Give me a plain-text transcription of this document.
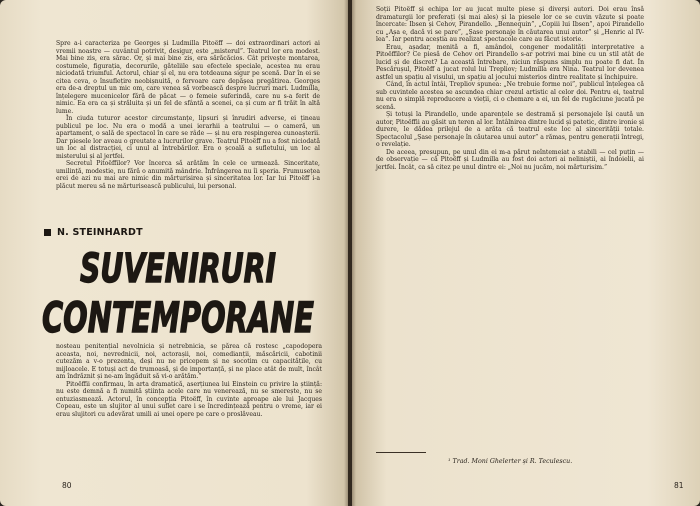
Spre a-i caracteriza pe Georges și Ludmilla Pitoëff — doi extraordinari actori ai vremii noastre — cuvântul potrivit, desigur, este „misterul”. Teatrul lor era modest. Mai bine zis, era sărac. Or, și mai bine zis, era sărăcăcios. Cât privește montarea, costumele, figurația, decorurile, găteliile sau efectele speciale, acestea nu erau niciodată triumful. Actorul, chiar și el, nu era totdeauna sigur pe scenă. Dar în ei se citea ceva, o însuflețire neobișnuită, o fervoare care depășea pregătirea. Georges era de-a dreptul un mic om, care venea să vorbească despre lucruri mari. Ludmilla, înțelegere mucenicelor fără de păcat — o femeie suferindă, care nu s-a ferit de nimic. Ea era ca și străluita și un fel de sfântă a scenei, ca și cum ar fi trăit în altă lume.

În ciuda tuturor acestor circumstanțe, lipsuri și înrudiri adverse, ei țineau publicul pe loc. Nu era o modă a unei ierarhii a teatrului — o cameră, un apartament, o sală de spectacol în care se râde — și nu era respingerea cunoașterii. Dar piesele lor aveau o greutate a lucrurilor grave. Teatrul Pitoëff nu a fost niciodată un loc al distracției, ci unul al întrebărilor. Era o școală a sufletului, un loc al misterului și al jertfei.

Secretul Pitoëffilor? Vor încerca să arătăm în cele ce urmează. Sinceritate, umilință, modestie, nu fără o anumită mândrie. Înfrângerea nu îi speria. Frumusețea erei de azi nu mai are nimic din mărturisirea și sinceritatea lor. Iar lui Pitoëff i-a plăcut mereu să ne mărturisească publicului, lui personal.

N. STEINHARDT
SUVENIRURI
CONTEMPORANE

nosteau penitențial nevolnicia și netrebnicia, se părea că rostesc „capodopera aceasta, noi, nevrednicii, noi, actorașii, noi, comedianții, măscăricii, cabotinii cutezăm a v-o prezenta, deși nu ne pricepem și ne socotim cu capacitățile, cu mijloacele. E totuși act de trumoasă, și de importanță, și ne place atât de mult, încât am îndrăznit și ne-am îngăduit să vi-o arătăm.”

Pitoëffii confirmau, în arta dramatică, aserțiunea lui Einstein cu privire la știință: nu este demnă a fi numită știința acele care nu venerează, nu se smerește, nu se entuziasmează. Actorul, în concepția Pitoëff, în cuvinte aproape ale lui Jacques Copeau, este un slujitor al unui suflet care i se încredințează pentru o vreme, iar ei erau slujitori cu adevărat umili ai unei opere pe care o proslăveau.

80

Soții Pitoëff și echipa lor au jucat multe piese și diverși autori. Doi erau însă dramaturgii lor preferați (și mai ales) și la piesele lor ce se cuvin văzute și poate încercate: Ibsen și Cehov, Pirandello. „Bennequin”, „Copiii lui Ibsen”, apoi Pirandello cu „Așa e, dacă vi se pare”, „Șase personaje în căutarea unui autor” și „Henric al IV-lea”. Iar pentru aceștia au realizat spectacole care au făcut istorie.

Erau, așadar, menită a fi, amândoi, congener modalități interpretative a Pitoëffilor? Ce piesă de Cehov ori Pirandello s-ar potrivi mai bine cu un stil atât de lucid și de discret? La această întrebare, niciun răspuns simplu nu poate fi dat. În Pescărușul, Pitoëff a jucat rolul lui Trepliov; Ludmilla era Nina. Teatrul lor devenea astfel un spațiu al visului, un spațiu al jocului misterios dintre realitate și închipuire.

Când, în actul întâi, Trepliov spunea: „Ne trebuie forme noi”, publicul înțelegea că sub cuvintele acestea se ascundea chiar crezul artistic al celor doi. Pentru ei, teatrul nu era o simplă reproducere a vieții, ci o chemare a ei, un fel de rugăciune jucată pe scenă.

Și totuși la Pirandello, unde aparențele se destramă și personajele își caută un autor, Pitoëffii au găsit un teren al lor. Întâlnirea dintre lucid și patetic, dintre ironie și durere, le dădea prilejul de a arăta că teatrul este loc al sincerității totale. Spectacolul „Șase personaje în căutarea unui autor” a rămas, pentru generații întregi, o revelație.

De aceea, presupun, pe unul din ei m-a părut neîntemeiat a stabili — cel puțin — de observație — că Pitoëff și Ludmilla au fost doi actori ai neliniștii, ai îndoielii, ai jertfei. Încât, ca să citez pe unul dintre ei: „Noi nu jucăm, noi mărturisim.”

¹ Trad. Moni Ghelerter și R. Teculescu.
81
